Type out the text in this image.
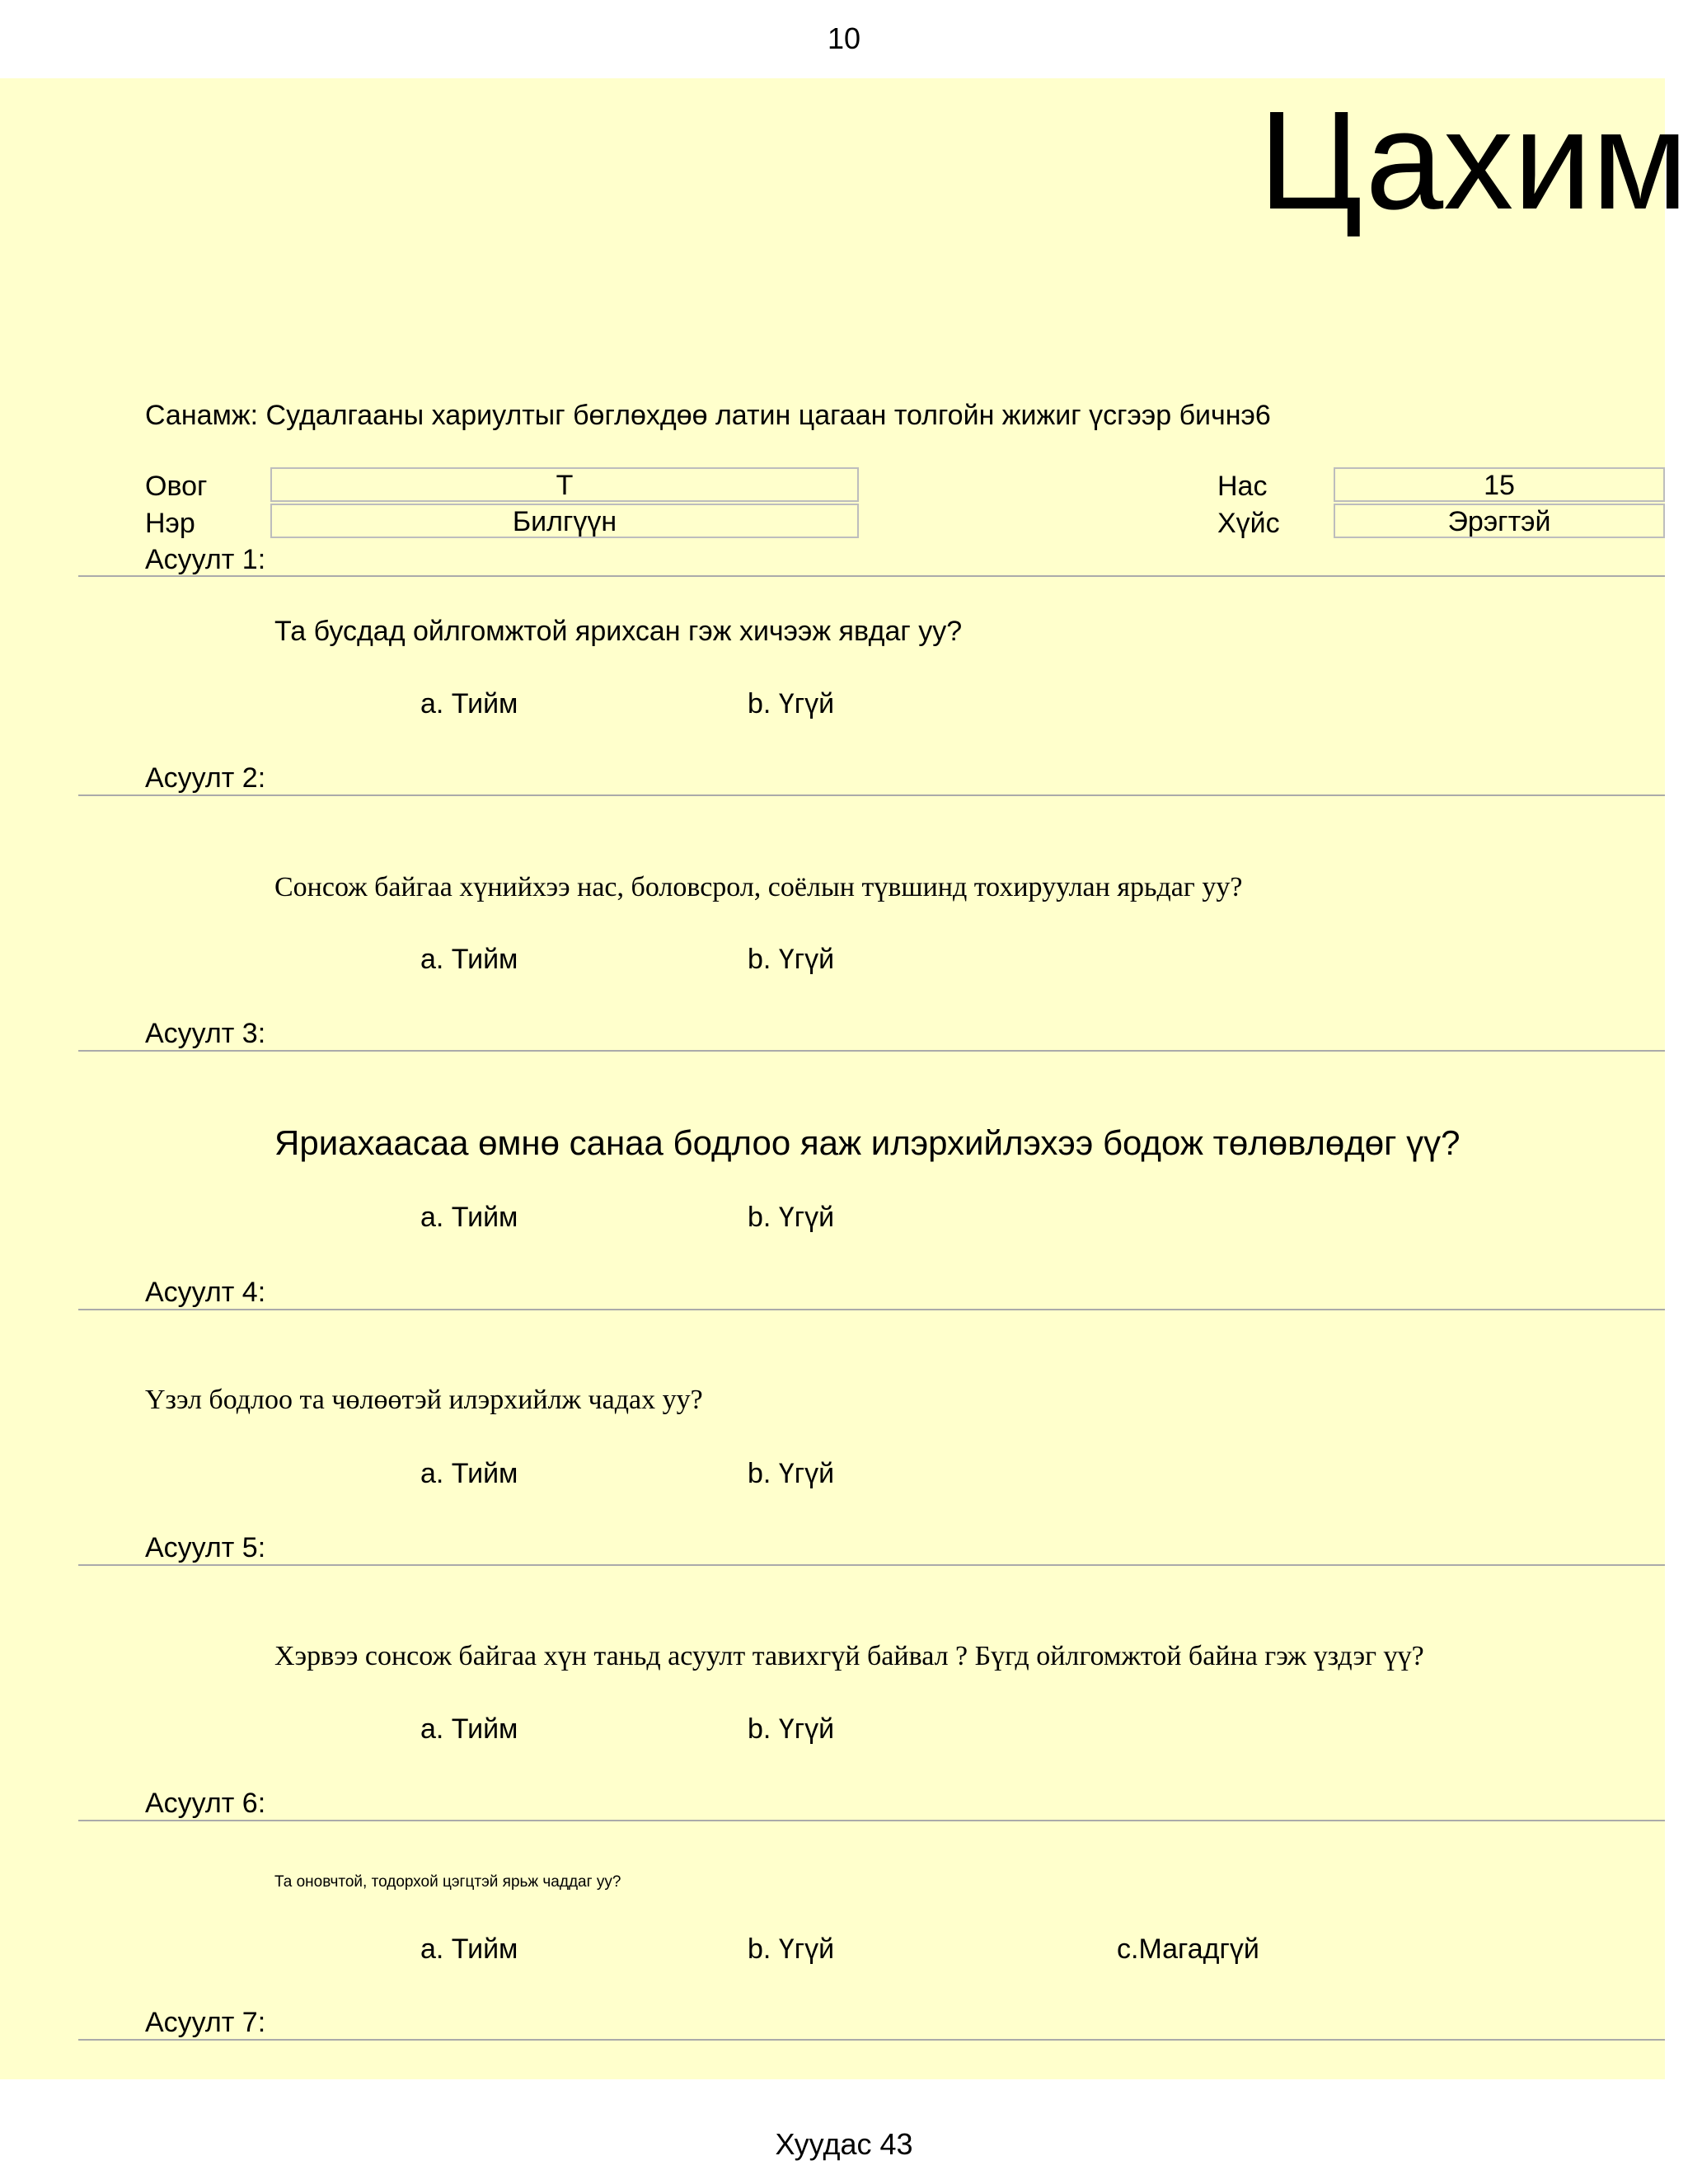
10
Цахим
Санамж: Судалгааны хариултыг бөглөхдөө латин цагаан толгойн жижиг үсгээр бичнэ6
Овог	Т
Нэр	Билгүүн
Нас	15
Хүйс	Эрэгтэй
Асуулт 1:
Та бусдад ойлгомжтой ярихсан гэж хичээж явдаг уу?
a. Тийм	b. Үгүй
Асуулт 2:
Сонсож байгаа хүнийхээ нас, боловсрол, соёлын түвшинд тохируулан ярьдаг уу?
a. Тийм	b. Үгүй
Асуулт 3:
Яриахаасаа өмнө санаа бодлоо яаж илэрхийлэхээ бодож төлөвлөдөг үү?
a. Тийм	b. Үгүй
Асуулт 4:
Үзэл бодлоо та чөлөөтэй илэрхийлж чадах уу?
a. Тийм	b. Үгүй
Асуулт 5:
Хэрвээ сонсож байгаа хүн таньд асуулт тавихгүй байвал ? Бүгд ойлгомжтой байна гэж үздэг үү?
a. Тийм	b. Үгүй
Асуулт 6:
Та оновчтой, тодорхой цэгцтэй ярьж чаддаг уу?
a. Тийм	b. Үгүй	c.Магадгүй
Асуулт 7:
Хуудас 43
